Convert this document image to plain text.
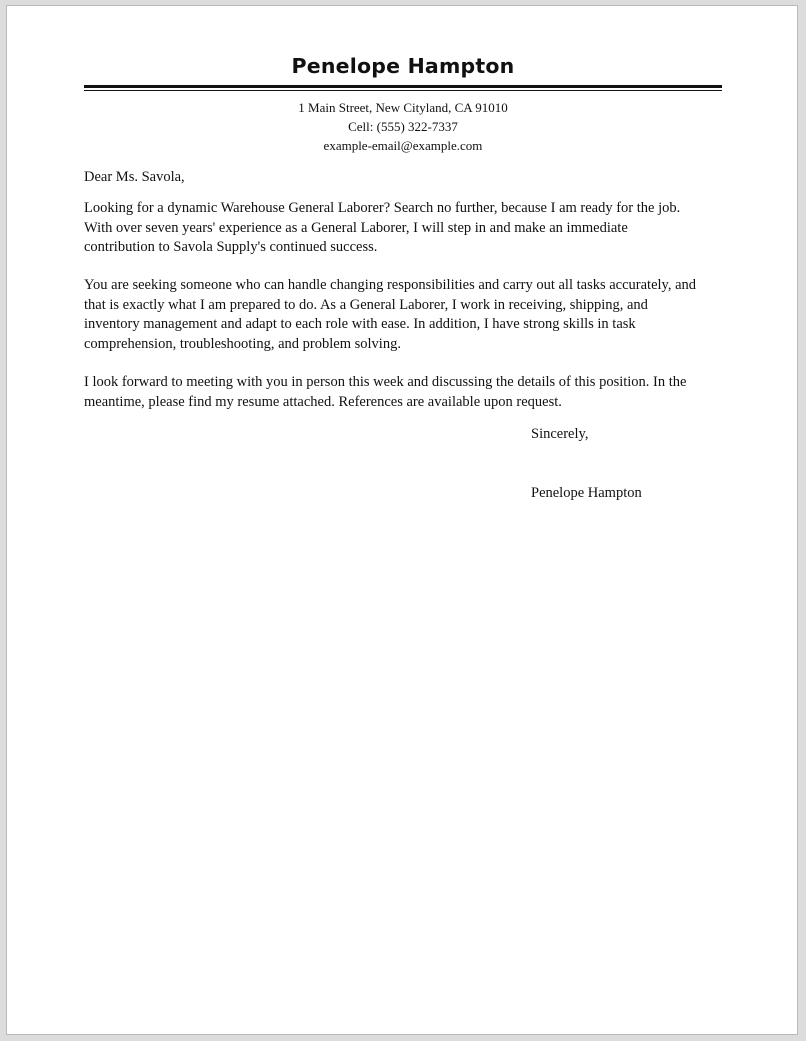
Penelope Hampton
1 Main Street, New Cityland, CA 91010
Cell: (555) 322-7337
example-email@example.com
Dear Ms. Savola,
Looking for a dynamic Warehouse General Laborer? Search no further, because I am ready for the job.
With over seven years' experience as a General Laborer, I will step in and make an immediate
contribution to Savola Supply's continued success.
You are seeking someone who can handle changing responsibilities and carry out all tasks accurately, and
that is exactly what I am prepared to do. As a General Laborer, I work in receiving, shipping, and
inventory management and adapt to each role with ease. In addition, I have strong skills in task
comprehension, troubleshooting, and problem solving.
I look forward to meeting with you in person this week and discussing the details of this position. In the
meantime, please find my resume attached. References are available upon request.
Sincerely,
Penelope Hampton
